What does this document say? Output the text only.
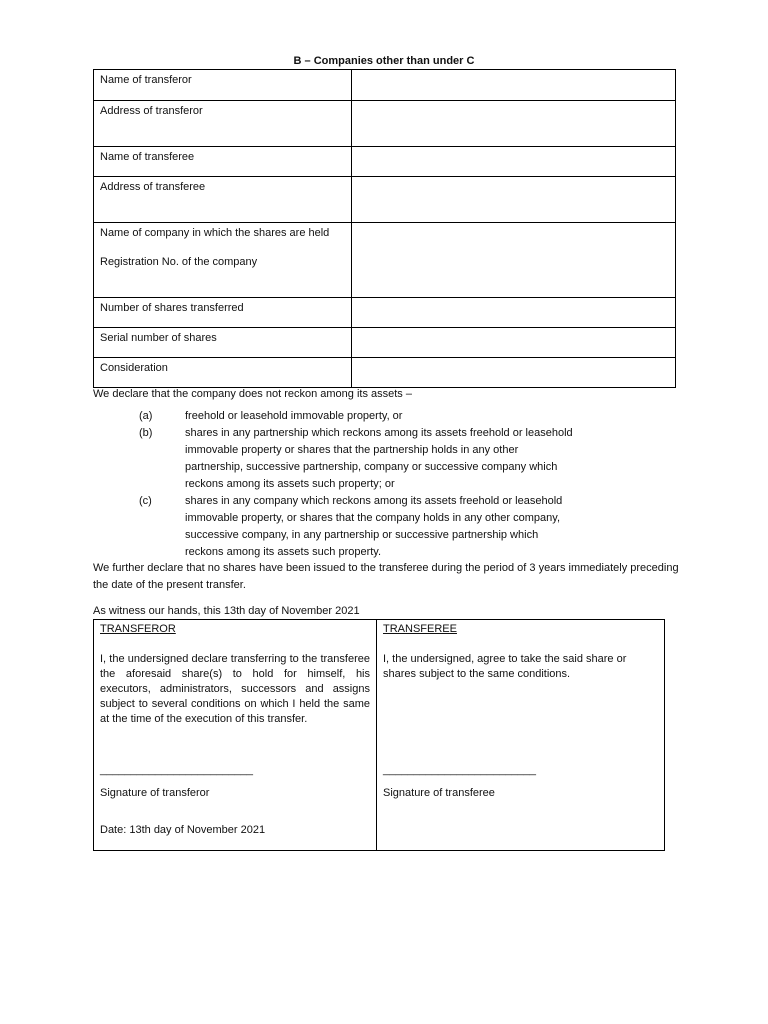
B – Companies other than under C
Name of transferor	
Address of transferor	
Name of transferee	
Address of transferee	

Name of company in which the shares are held
Registration No. of the company	

Number of shares transferred	
Serial number of shares	
Consideration	
We declare that the company does not reckon among its assets –
(a)	freehold or leasehold immovable property, or
(b)	shares in any partnership which reckons among its assets freehold or leasehold immovable property or shares that the partnership holds in any other partnership, successive partnership, company or successive company which reckons among its assets such property; or
(c)	shares in any company which reckons among its assets freehold or leasehold immovable property, or shares that the company holds in any other company, successive company, in any partnership or successive partnership which reckons among its assets such property.
We further declare that no shares have been issued to the transferee during the period of 3 years immediately preceding the date of the present transfer.
As witness our hands, this 13th day of November 2021
TRANSFEROR
I, the undersigned declare transferring to the transferee the aforesaid share(s) to hold for himself, his executors, administrators, successors and assigns subject to several conditions on which I held the same at the time of the execution of this transfer.
_________________________
Signature of transferor
Date: 13th day of November 2021

TRANSFEREE
I, the undersigned, agree to take the said share or shares subject to the same conditions.
_________________________
Signature of transferee
